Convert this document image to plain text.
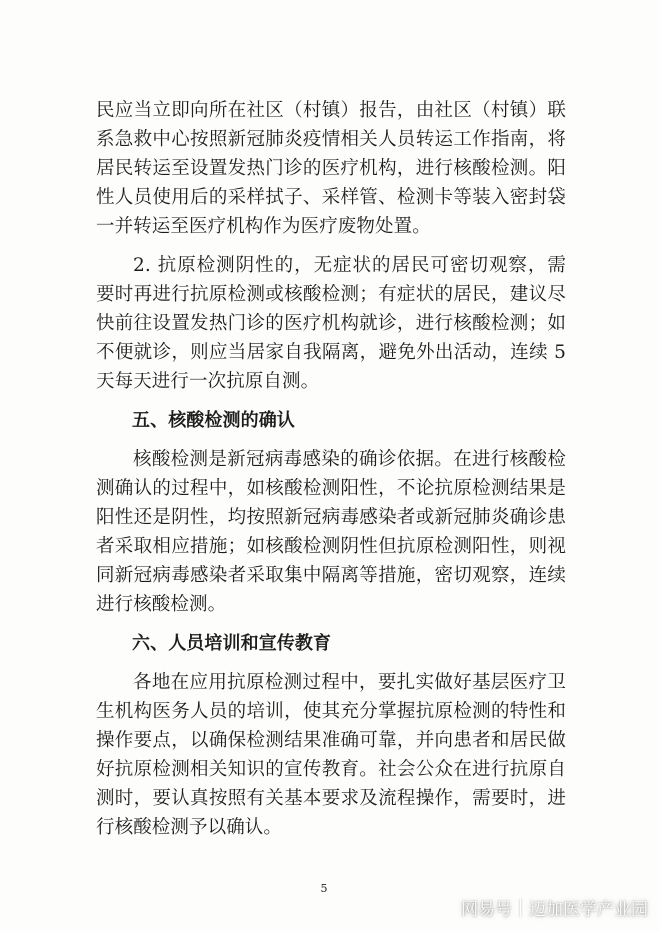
民应当立即向所在社区（村镇）报告，由社区（村镇）联系急救中心按照新冠肺炎疫情相关人员转运工作指南，将居民转运至设置发热门诊的医疗机构，进行核酸检测。阳性人员使用后的采样拭子、采样管、检测卡等装入密封袋一并转运至医疗机构作为医疗废物处置。

2. 抗原检测阴性的，无症状的居民可密切观察，需要时再进行抗原检测或核酸检测；有症状的居民，建议尽快前往设置发热门诊的医疗机构就诊，进行核酸检测；如不便就诊，则应当居家自我隔离，避免外出活动，连续 5 天每天进行一次抗原自测。

五、核酸检测的确认

核酸检测是新冠病毒感染的确诊依据。在进行核酸检测确认的过程中，如核酸检测阳性，不论抗原检测结果是阳性还是阴性，均按照新冠病毒感染者或新冠肺炎确诊患者采取相应措施；如核酸检测阴性但抗原检测阳性，则视同新冠病毒感染者采取集中隔离等措施，密切观察，连续进行核酸检测。

六、人员培训和宣传教育

各地在应用抗原检测过程中，要扎实做好基层医疗卫生机构医务人员的培训，使其充分掌握抗原检测的特性和操作要点，以确保检测结果准确可靠，并向患者和居民做好抗原检测相关知识的宣传教育。社会公众在进行抗原自测时，要认真按照有关基本要求及流程操作，需要时，进行核酸检测予以确认。

5
网易号 迈加医学产业园
